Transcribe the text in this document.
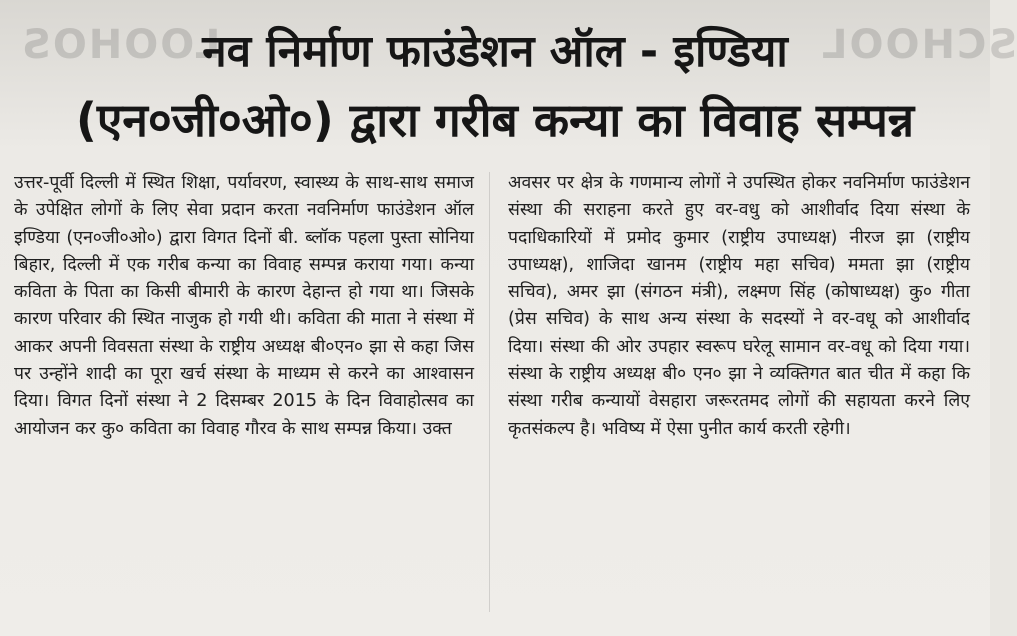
LOOHOS	SCHOOL
नव निर्माण फाउंडेशन ऑल - इण्डिया
(एन०जी०ओ०) द्वारा गरीब कन्या का विवाह सम्पन्न
उत्तर-पूर्वी दिल्ली में स्थित शिक्षा, पर्यावरण, स्वास्थ्य के साथ-साथ समाज के उपेक्षित लोगों के लिए सेवा प्रदान करता नवनिर्माण फाउंडेशन ऑल इण्डिया (एन०जी०ओ०) द्वारा विगत दिनों बी. ब्लॉक पहला पुस्ता सोनिया बिहार, दिल्ली में एक गरीब कन्या का विवाह सम्पन्न कराया गया। कन्या कविता के पिता का किसी बीमारी के कारण देहान्त हो गया था। जिसके कारण परिवार की स्थित नाजुक हो गयी थी। कविता की माता ने संस्था में आकर अपनी विवसता संस्था के राष्ट्रीय अध्यक्ष बी०एन० झा से कहा जिस पर उन्होंने शादी का पूरा खर्च संस्था के माध्यम से करने का आश्वासन दिया। विगत दिनों संस्था ने 2 दिसम्बर 2015 के दिन विवाहोत्सव का आयोजन कर कु० कविता का विवाह गौरव के साथ सम्पन्न किया। उक्त
अवसर पर क्षेत्र के गणमान्य लोगों ने उपस्थित होकर नवनिर्माण फाउंडेशन संस्था की सराहना करते हुए वर-वधु को आशीर्वाद दिया संस्था के पदाधिकारियों में प्रमोद कुमार (राष्ट्रीय उपाध्यक्ष) नीरज झा (राष्ट्रीय उपाध्यक्ष), शाजिदा खानम (राष्ट्रीय महा सचिव) ममता झा (राष्ट्रीय सचिव), अमर झा (संगठन मंत्री), लक्ष्मण सिंह (कोषाध्यक्ष) कु० गीता (प्रेस सचिव) के साथ अन्य संस्था के सदस्यों ने वर-वधू को आशीर्वाद दिया। संस्था की ओर उपहार स्वरूप घरेलू सामान वर-वधू को दिया गया। संस्था के राष्ट्रीय अध्यक्ष बी० एन० झा ने व्यक्तिगत बात चीत में कहा कि संस्था गरीब कन्यायों वेसहारा जरूरतमद लोगों की सहायता करने लिए कृतसंकल्प है। भविष्य में ऐसा पुनीत कार्य करती रहेगी।
